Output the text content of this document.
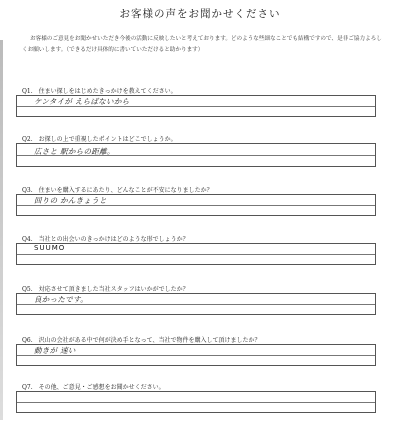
お客様の声をお聞かせください
お客様のご意見をお聞かせいただき今後の活動に反映したいと考えております。どのような些細なことでも結構ですので、是非ご協力よろしくお願いします。（できるだけ具体的に書いていただけると助かります）
Q1.　住まい探しをはじめたきっかけを教えてください。
ケンタイが えらばないから
Q2.　お探しの上で重視したポイントはどこでしょうか。
広さと 駅からの距離。
Q3.　住まいを購入するにあたり、どんなことが不安になりましたか？
回りの かんきょうと
Q4.　当社との出会いのきっかけはどのような形でしょうか？
SUUMO
Q5.　対応させて頂きました当社スタッフはいかがでしたか？
良かったです。
Q6.　沢山の会社がある中で何が決め手となって、当社で物件を購入して頂けましたか？
動きが 速い
Q7.　その他、ご意見・ご感想をお聞かせください。
